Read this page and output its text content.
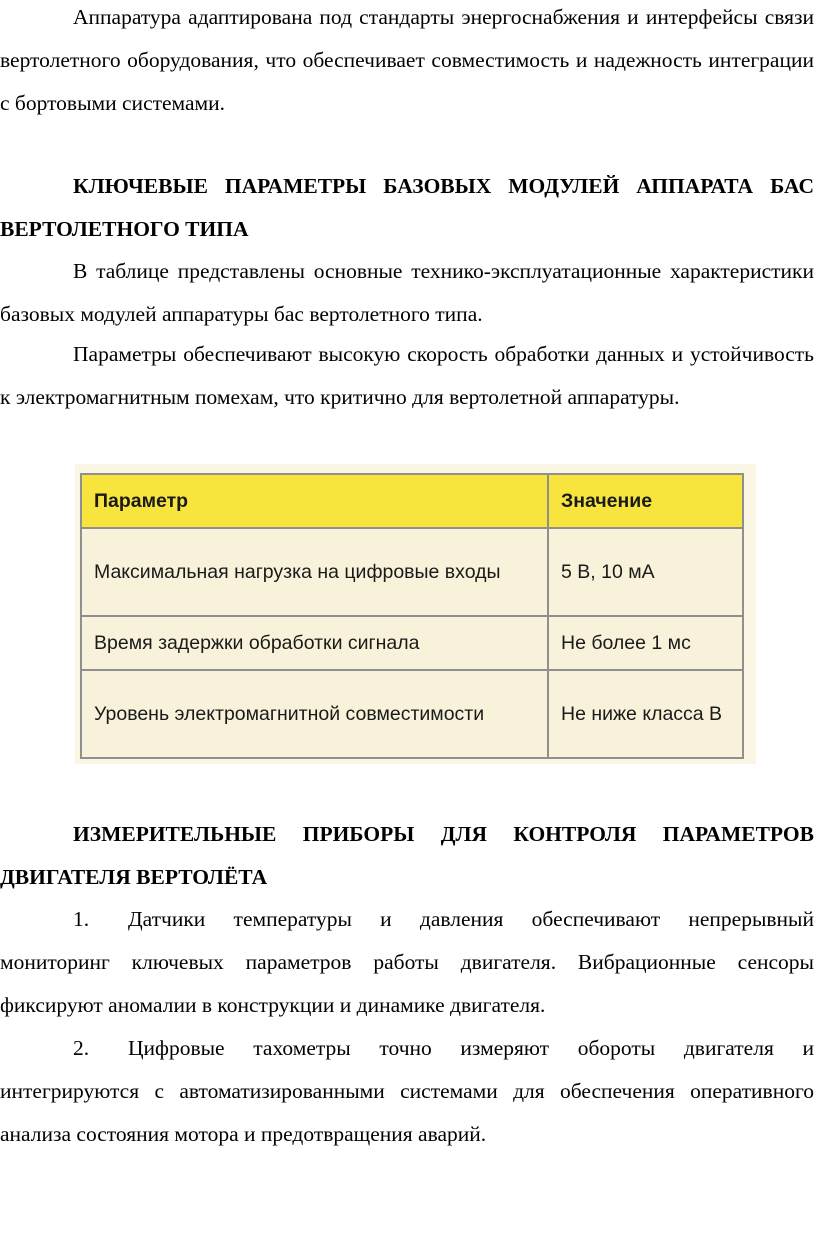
Аппаратура адаптирована под стандарты энергоснабжения и интерфейсы связи вертолетного оборудования, что обеспечивает совместимость и надежность интеграции с бортовыми системами.

КЛЮЧЕВЫЕ ПАРАМЕТРЫ БАЗОВЫХ МОДУЛЕЙ АППАРАТА БАС ВЕРТОЛЕТНОГО ТИПА

В таблице представлены основные технико-эксплуатационные характеристики базовых модулей аппаратуры бас вертолетного типа.

Параметры обеспечивают высокую скорость обработки данных и устойчивость к электромагнитным помехам, что критично для вертолетной аппаратуры.

Параметр	Значение
Максимальная нагрузка на цифровые входы	5 В, 10 мА
Время задержки обработки сигнала	Не более 1 мс
Уровень электромагнитной совместимости	Не ниже класса В
ИЗМЕРИТЕЛЬНЫЕ ПРИБОРЫ ДЛЯ КОНТРОЛЯ ПАРАМЕТРОВ ДВИГАТЕЛЯ ВЕРТОЛЁТА

1. Датчики температуры и давления обеспечивают непрерывный мониторинг ключевых параметров работы двигателя. Вибрационные сенсоры фиксируют аномалии в конструкции и динамике двигателя.

2. Цифровые тахометры точно измеряют обороты двигателя и интегрируются с автоматизированными системами для обеспечения оперативного анализа состояния мотора и предотвращения аварий.
